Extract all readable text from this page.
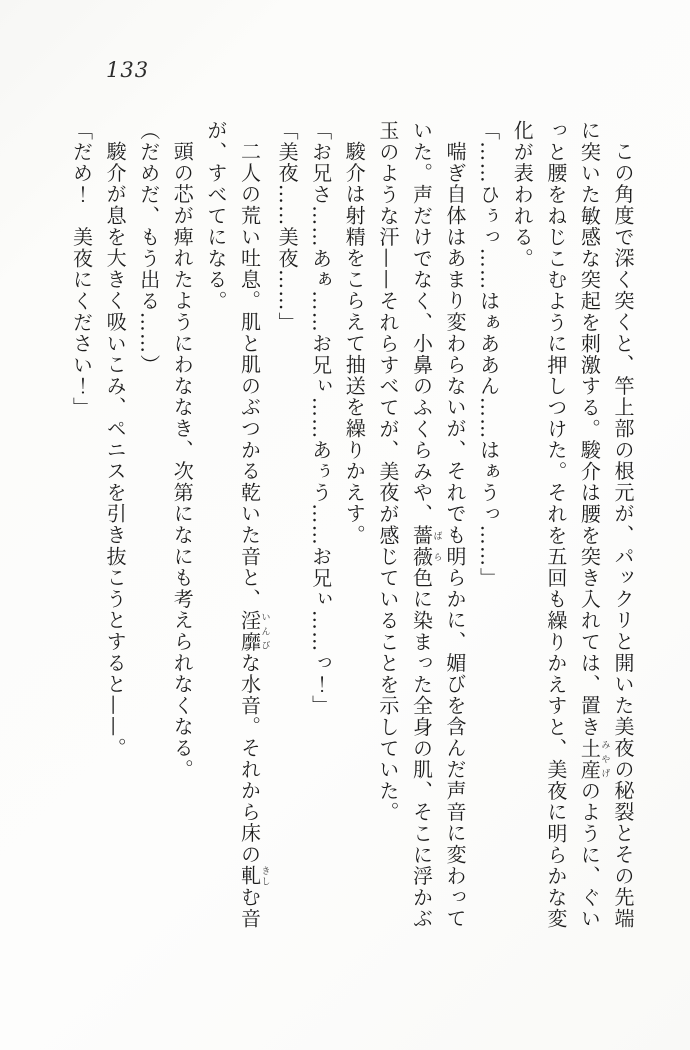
133

この角度で深く突くと、竿上部の根元が、パックリと開いた美夜の秘裂とその先端に突いた敏感な突起を刺激する。駿介は腰を突き入れては、置き土産みやげのように、ぐいっと腰をねじこむように押しつけた。それを五回も繰りかえすと、美夜に明らかな変化が表われる。

「……ひぅっ……はぁああん……はぁうっ……」

喘ぎ自体はあまり変わらないが、それでも明らかに、媚びを含んだ声音に変わっていた。声だけでなく、小鼻のふくらみや、薔薇ばら色に染まった全身の肌、そこに浮かぶ玉のような汗——それらすべてが、美夜が感じていることを示していた。

駿介は射精をこらえて抽送を繰りかえす。

「お兄さ……あぁ……お兄ぃ……あぅう……お兄ぃ……っ！」

「美夜……美夜……」

二人の荒い吐息。肌と肌のぶつかる乾いた音と、淫靡いんびな水音。それから床の軋きしむ音が、すべてになる。

頭の芯が痺れたようにわななき、次第になにも考えられなくなる。

（だめだ、もう出る……）

駿介が息を大きく吸いこみ、ペニスを引き抜こうとすると——。

「だめ！　美夜にください！」
